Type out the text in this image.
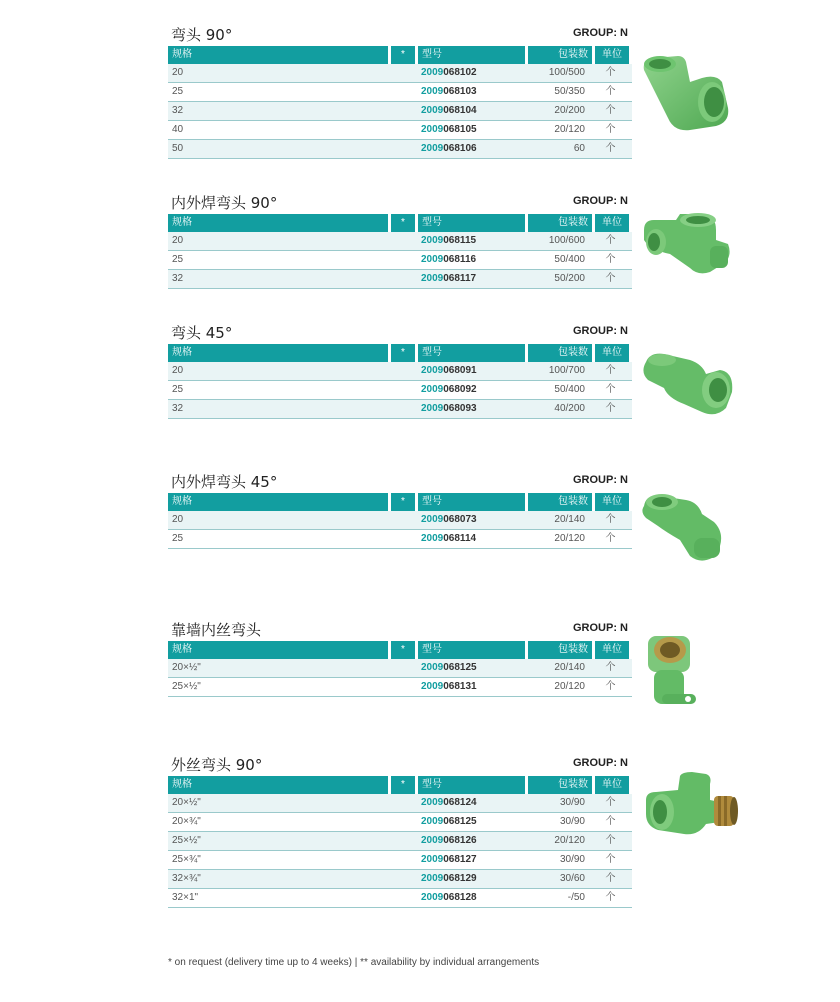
弯头 90°	GROUP: N
规格	*	型号	包装数	单位
20	2009068102	100/500	个
25	2009068103	50/350	个
32	2009068104	20/200	个
40	2009068105	20/120	个
50	2009068106	60	个
内外焊弯头 90°	GROUP: N
规格	*	型号	包装数	单位
20	2009068115	100/600	个
25	2009068116	50/400	个
32	2009068117	50/200	个
弯头 45°	GROUP: N
规格	*	型号	包装数	单位
20	2009068091	100/700	个
25	2009068092	50/400	个
32	2009068093	40/200	个
内外焊弯头 45°	GROUP: N
规格	*	型号	包装数	单位
20	2009068073	20/140	个
25	2009068114	20/120	个
靠墙内丝弯头	GROUP: N
规格	*	型号	包装数	单位
20×½"	2009068125	20/140	个
25×½"	2009068131	20/120	个
外丝弯头 90°	GROUP: N
规格	*	型号	包装数	单位
20×½"	2009068124	30/90	个
20×¾"	2009068125	30/90	个
25×½"	2009068126	20/120	个
25×¾"	2009068127	30/90	个
32×¾"	2009068129	30/60	个
32×1"	2009068128	-/50	个
* on request (delivery time up to 4 weeks) | ** availability by individual arrangements
